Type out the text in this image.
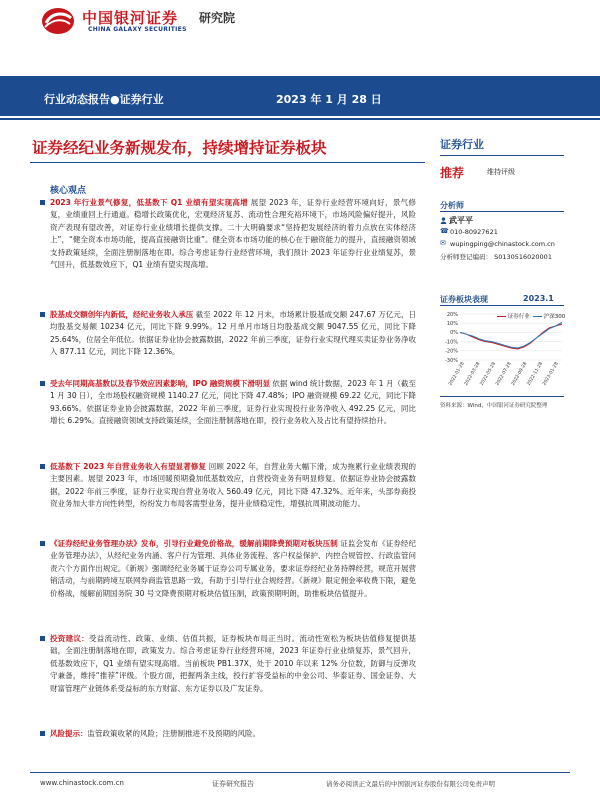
中国银河证券 研究院
CHINA GALAXY SECURITIES
行业动态报告●证券行业	2023 年 1 月 28 日
证券经纪业务新规发布，持续增持证券板块
核心观点
2023 年行业景气修复，低基数下 Q1 业绩有望实现高增 展望 2023 年，证券行业经营环境向好，景气修复，业绩重回上行通道。稳增长政策优化，宏观经济复苏、流动性合理充裕环境下，市场风险偏好提升，风险资产表现有望改善，对证券行业业绩增长提供支撑。二十大明确要求“坚持把发展经济的着力点放在实体经济上”，“健全资本市场功能，提高直接融资比重”。健全资本市场功能的核心在于融资能力的提升，直接融资领域支持政策延续，全面注册制落地在即。综合考虑证券行业经营环境，我们预计 2023 年证券行业业绩复苏，景气回升，低基数效应下，Q1 业绩有望实现高增。
股基成交额创年内新低，经纪业务收入承压 截至 2022 年 12 月末，市场累计股基成交额 247.67 万亿元，日均股基交易额 10234 亿元，同比下降 9.99%。12 月单月市场日均股基成交额 9047.55 亿元，同比下降 25.64%，位居全年低位。依据证券业协会披露数据，2022 年前三季度，证券行业实现代理买卖证券业务净收入 877.11 亿元，同比下降 12.36%。
受去年同期高基数以及春节效应因素影响，IPO 融资规模下滑明显 依据 wind 统计数据，2023 年 1 月（截至 1 月 30 日），全市场股权融资规模 1140.27 亿元，同比下降 47.48%；IPO 融资规模 69.22 亿元，同比下降 93.66%。依据证券业协会披露数据，2022 年前三季度，证券行业实现投行业务净收入 492.25 亿元，同比增长 6.29%。直接融资领域支持政策延续，全面注册制落地在即，投行业务收入及占比有望持续抬升。
低基数下 2023 年自营业务收入有望显著修复 回顾 2022 年，自营业务大幅下滑，成为拖累行业业绩表现的主要因素。展望 2023 年，市场回暖预期叠加低基数效应，自营投资业务有明显修复。依据证券业协会披露数据，2022 年前三季度，证券行业实现自营业务收入 560.49 亿元，同比下降 47.32%。近年来，头部券商投资业务加大非方向性转型，纷纷发力布局客需型业务，提升业绩稳定性，增强抗周期波动能力。
《证券经纪业务管理办法》发布，引导行业避免价格战，缓解前期降费预期对板块压制 证监会发布《证券经纪业务管理办法》，从经纪业务内涵、客户行为管理、具体业务流程、客户权益保护、内控合规管控、行政监管问责六个方面作出规定。《新规》强调经纪业务属于证券公司专属业务，要求证券经纪业务持牌经营，规范开展营销活动，与前期跨境互联网券商监管思路一致，有助于引导行业合规经营。《新规》限定佣金率收费下限，避免价格战，缓解前期国务院 30 号文降费预期对板块估值压制，政策预期明朗，助推板块估值提升。
投资建议：受益流动性、政策、业绩、估值共振，证券板块布局正当时。流动性宽松为板块估值修复提供基础，全面注册制落地在即，政策发力。综合考虑证券行业经营环境，2023 年证券行业业绩复苏，景气回升，低基数效应下，Q1 业绩有望实现高增。当前板块 PB1.37X，处于 2010 年以来 12% 分位数，防御与反弹攻守兼备，维持“推荐”评级。个股方面，把握两条主线，投行扩容受益标的中金公司、华泰证券、国金证券、大财富管理产业链体系受益标的东方财富、东方证券以及广发证券。
风险提示：监管政策收紧的风险；注册制推进不及预期的风险。
证券行业
推荐	维持评级
分析师
武平平
☎ 010-80927621
✉ wupingping@chinastock.com.cn
分析师登记编码： S0130516020001
证券板块表现	2023.1
20%
10%
0%
-10%
-20%
-30%
2022-01-28
2022-03-28
2022-05-28
2022-07-28
2022-09-28
2022-11-28
2023-01-28
证券行业	沪深300
资料来源：Wind，中国银河证券研究院整理
www.chinastock.com.cn	证券研究报告	请务必阅读正文最后的中国银河证券股份有限公司免责声明
